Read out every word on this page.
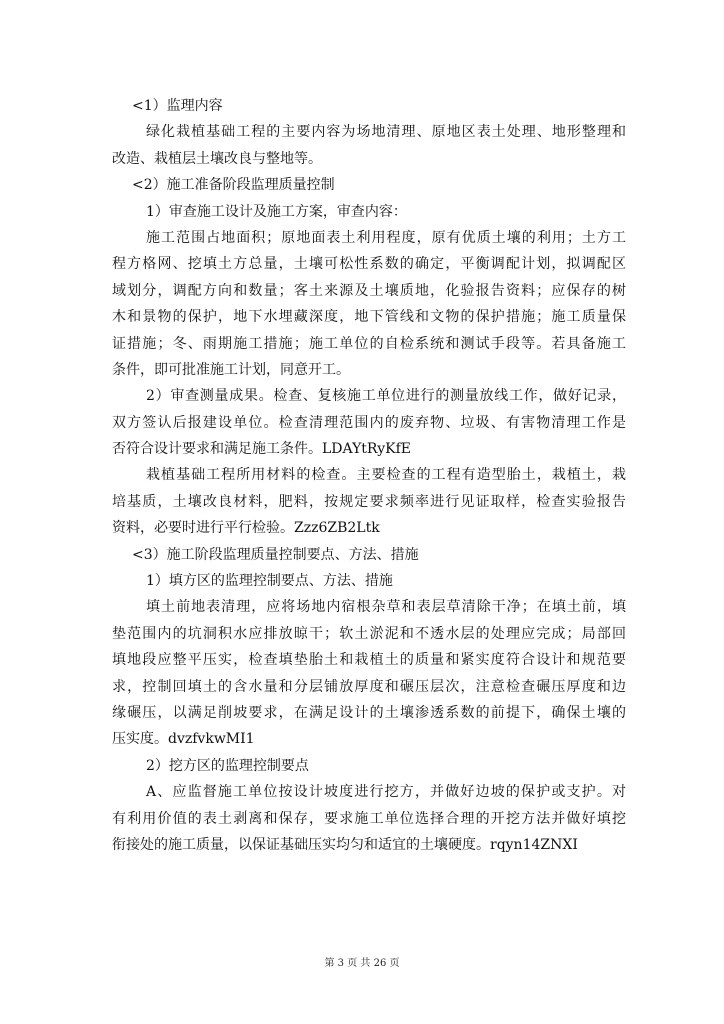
<1）监理内容
绿化栽植基础工程的主要内容为场地清理、原地区表土处理、地形整理和
改造、栽植层土壤改良与整地等。
<2）施工准备阶段监理质量控制
1）审查施工设计及施工方案，审查内容：
施工范围占地面积；原地面表土利用程度，原有优质土壤的利用；土方工
程方格网、挖填土方总量，土壤可松性系数的确定，平衡调配计划，拟调配区
域划分，调配方向和数量；客土来源及土壤质地，化验报告资料；应保存的树
木和景物的保护，地下水埋藏深度，地下管线和文物的保护措施；施工质量保
证措施；冬、雨期施工措施；施工单位的自检系统和测试手段等。若具备施工
条件，即可批准施工计划，同意开工。
2）审查测量成果。检查、复核施工单位进行的测量放线工作，做好记录，
双方签认后报建设单位。检查清理范围内的废弃物、垃圾、有害物清理工作是
否符合设计要求和满足施工条件。LDAYtRyKfE
栽植基础工程所用材料的检查。主要检查的工程有造型胎土，栽植土，栽
培基质，土壤改良材料，肥料，按规定要求频率进行见证取样，检查实验报告
资料，必要时进行平行检验。Zzz6ZB2Ltk
<3）施工阶段监理质量控制要点、方法、措施
1）填方区的监理控制要点、方法、措施
填土前地表清理，应将场地内宿根杂草和表层草清除干净；在填土前，填
垫范围内的坑洞积水应排放晾干；软土淤泥和不透水层的处理应完成；局部回
填地段应整平压实，检查填垫胎土和栽植土的质量和紧实度符合设计和规范要
求，控制回填土的含水量和分层铺放厚度和碾压层次，注意检查碾压厚度和边
缘碾压，以满足削坡要求，在满足设计的土壤渗透系数的前提下，确保土壤的
压实度。dvzfvkwMI1
2）挖方区的监理控制要点
A、应监督施工单位按设计坡度进行挖方，并做好边坡的保护或支护。对
有利用价值的表土剥离和保存，要求施工单位选择合理的开挖方法并做好填挖
衔接处的施工质量，以保证基础压实均匀和适宜的土壤硬度。rqyn14ZNXI
第 3 页 共 26 页
